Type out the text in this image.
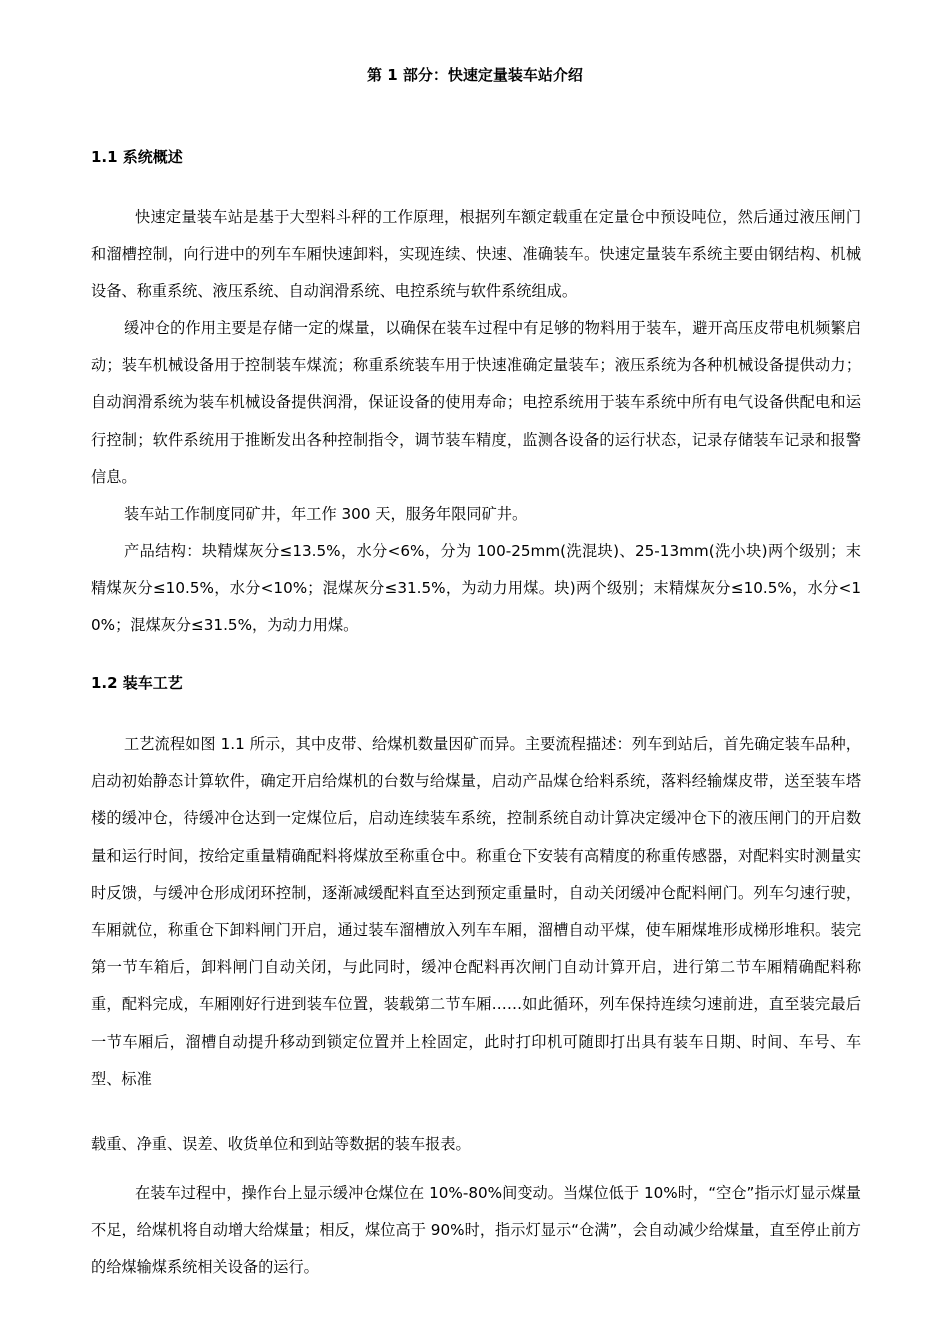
第 1 部分：快速定量装车站介绍
1.1 系统概述

快速定量装车站是基于大型料斗秤的工作原理，根据列车额定载重在定量仓中预设吨位，然后通过液压闸门和溜槽控制，向行进中的列车车厢快速卸料，实现连续、快速、准确装车。快速定量装车系统主要由钢结构、机械设备、称重系统、液压系统、自动润滑系统、电控系统与软件系统组成。

缓冲仓的作用主要是存储一定的煤量，以确保在装车过程中有足够的物料用于装车，避开高压皮带电机频繁启动；装车机械设备用于控制装车煤流；称重系统装车用于快速准确定量装车；液压系统为各种机械设备提供动力；自动润滑系统为装车机械设备提供润滑，保证设备的使用寿命；电控系统用于装车系统中所有电气设备供配电和运行控制；软件系统用于推断发出各种控制指令，调节装车精度，监测各设备的运行状态，记录存储装车记录和报警信息。

装车站工作制度同矿井，年工作 300 天，服务年限同矿井。

产品结构：块精煤灰分≤13.5%，水分<6%，分为 100-25mm(洗混块)、25-13mm(洗小块)两个级别；末精煤灰分≤10.5%，水分<10%；混煤灰分≤31.5%，为动力用煤。块)两个级别；末精煤灰分≤10.5%，水分<10%；混煤灰分≤31.5%，为动力用煤。

1.2 装车工艺

工艺流程如图 1.1 所示，其中皮带、给煤机数量因矿而异。主要流程描述：列车到站后，首先确定装车品种，启动初始静态计算软件，确定开启给煤机的台数与给煤量，启动产品煤仓给料系统，落料经输煤皮带，送至装车塔楼的缓冲仓，待缓冲仓达到一定煤位后，启动连续装车系统，控制系统自动计算决定缓冲仓下的液压闸门的开启数量和运行时间，按给定重量精确配料将煤放至称重仓中。称重仓下安装有高精度的称重传感器，对配料实时测量实时反馈，与缓冲仓形成闭环控制，逐渐减缓配料直至达到预定重量时，自动关闭缓冲仓配料闸门。列车匀速行驶，车厢就位，称重仓下卸料闸门开启，通过装车溜槽放入列车车厢，溜槽自动平煤，使车厢煤堆形成梯形堆积。装完第一节车箱后，卸料闸门自动关闭，与此同时，缓冲仓配料再次闸门自动计算开启，进行第二节车厢精确配料称重，配料完成，车厢刚好行进到装车位置，装载第二节车厢……如此循环，列车保持连续匀速前进，直至装完最后一节车厢后，溜槽自动提升移动到锁定位置并上栓固定，此时打印机可随即打出具有装车日期、时间、车号、车型、标准

载重、净重、误差、收货单位和到站等数据的装车报表。

在装车过程中，操作台上显示缓冲仓煤位在 10%-80%间变动。当煤位低于 10%时，“空仓”指示灯显示煤量不足，给煤机将自动增大给煤量；相反，煤位高于 90%时，指示灯显示“仓满”，会自动减少给煤量，直至停止前方的给煤输煤系统相关设备的运行。
